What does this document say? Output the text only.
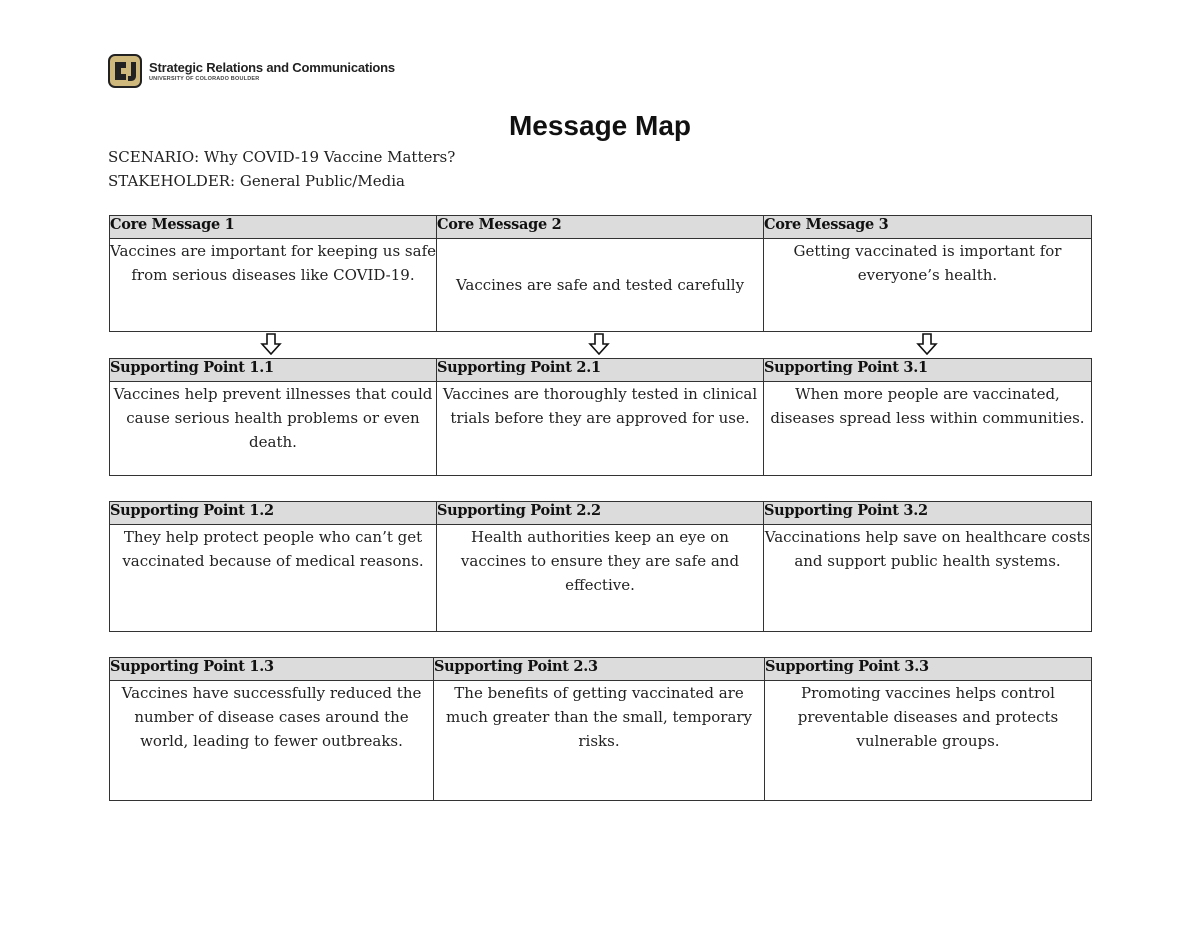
Strategic Relations and Communications
UNIVERSITY OF COLORADO BOULDER
Message Map
SCENARIO: Why COVID-19 Vaccine Matters?
STAKEHOLDER: General Public/Media
Core Message 1	Core Message 2	Core Message 3
Vaccines are important for keeping us safe from serious diseases like COVID-19.	Vaccines are safe and tested carefully	Getting vaccinated is important for everyone’s health.
Supporting Point 1.1	Supporting Point 2.1	Supporting Point 3.1
Vaccines help prevent illnesses that could cause serious health problems or even death.	Vaccines are thoroughly tested in clinical trials before they are approved for use.	When more people are vaccinated, diseases spread less within communities.
Supporting Point 1.2	Supporting Point 2.2	Supporting Point 3.2
They help protect people who can’t get vaccinated because of medical reasons.	Health authorities keep an eye on vaccines to ensure they are safe and effective.	Vaccinations help save on healthcare costs and support public health systems.
Supporting Point 1.3	Supporting Point 2.3	Supporting Point 3.3
Vaccines have successfully reduced the number of disease cases around the world, leading to fewer outbreaks.	The benefits of getting vaccinated are much greater than the small, temporary risks.	Promoting vaccines helps control preventable diseases and protects vulnerable groups.
